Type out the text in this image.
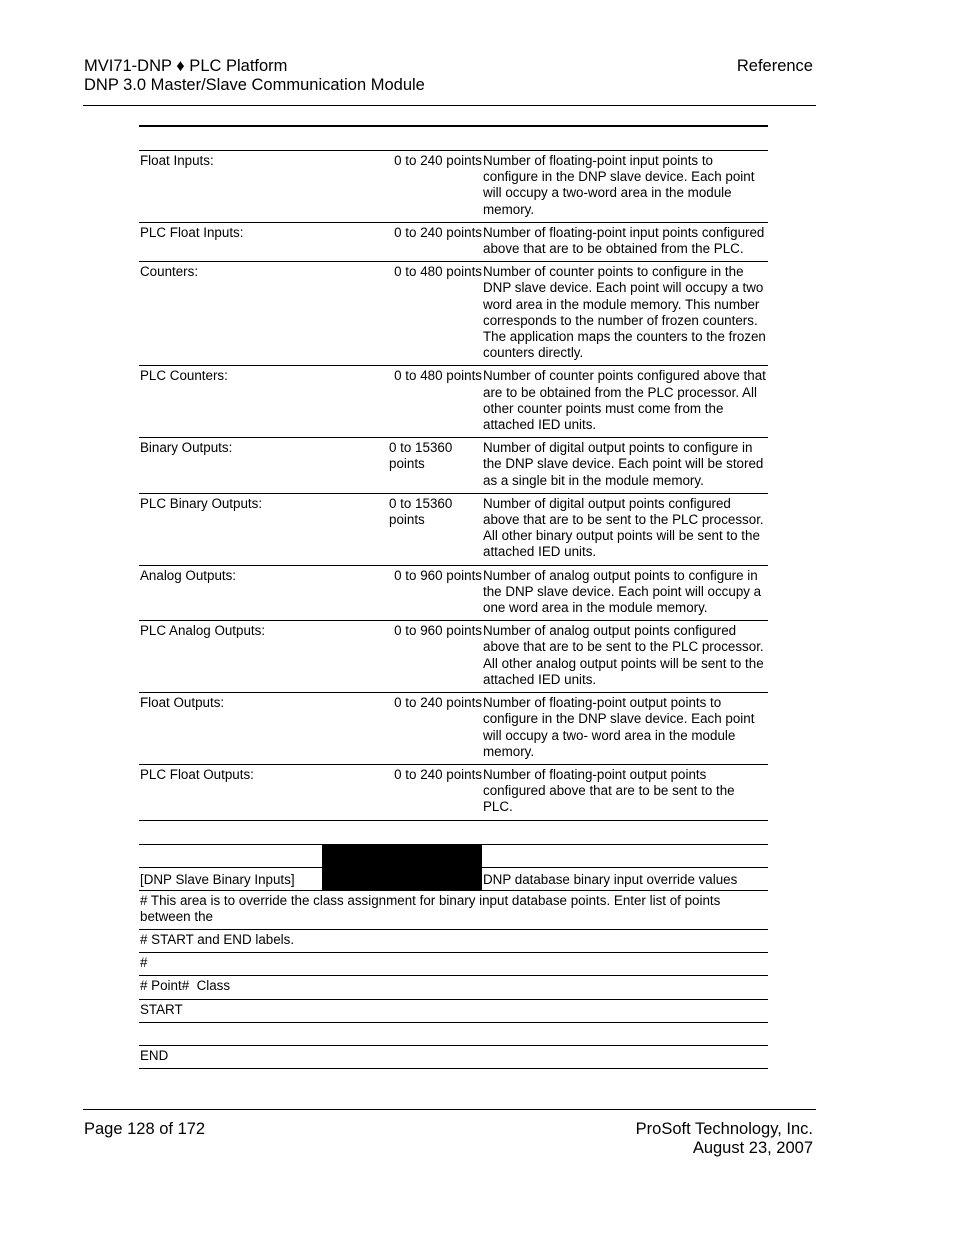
MVI71-DNP ♦ PLC Platform
DNP 3.0 Master/Slave Communication Module
Reference
Float Inputs:	0 to 240 points Number of floating-point input points to configure in the DNP slave device. Each point will occupy a two-word area in the module memory.
PLC Float Inputs:	0 to 240 points Number of floating-point input points configured above that are to be obtained from the PLC.
Counters:	0 to 480 points Number of counter points to configure in the DNP slave device. Each point will occupy a two word area in the module memory. This number corresponds to the number of frozen counters. The application maps the counters to the frozen counters directly.
PLC Counters:	0 to 480 points Number of counter points configured above that are to be obtained from the PLC processor. All other counter points must come from the attached IED units.
Binary Outputs:	0 to 15360 points
Number of digital output points to configure in the DNP slave device. Each point will be stored as a single bit in the module memory.
PLC Binary Outputs:	0 to 15360 points
Number of digital output points configured above that are to be sent to the PLC processor. All other binary output points will be sent to the attached IED units.
Analog Outputs:	0 to 960 points Number of analog output points to configure in the DNP slave device. Each point will occupy a one word area in the module memory.
PLC Analog Outputs:	0 to 960 points Number of analog output points configured above that are to be sent to the PLC processor. All other analog output points will be sent to the attached IED units.
Float Outputs:	0 to 240 points Number of floating-point output points to configure in the DNP slave device. Each point will occupy a two- word area in the module memory.
PLC Float Outputs:	0 to 240 points Number of floating-point output points configured above that are to be sent to the PLC.
[DNP Slave Binary Inputs]	DNP database binary input override values
# This area is to override the class assignment for binary input database points. Enter list of points between the
# START and END labels.
#
# Point#  Class
START
END
Page 128 of 172	ProSoft Technology, Inc.
August 23, 2007
